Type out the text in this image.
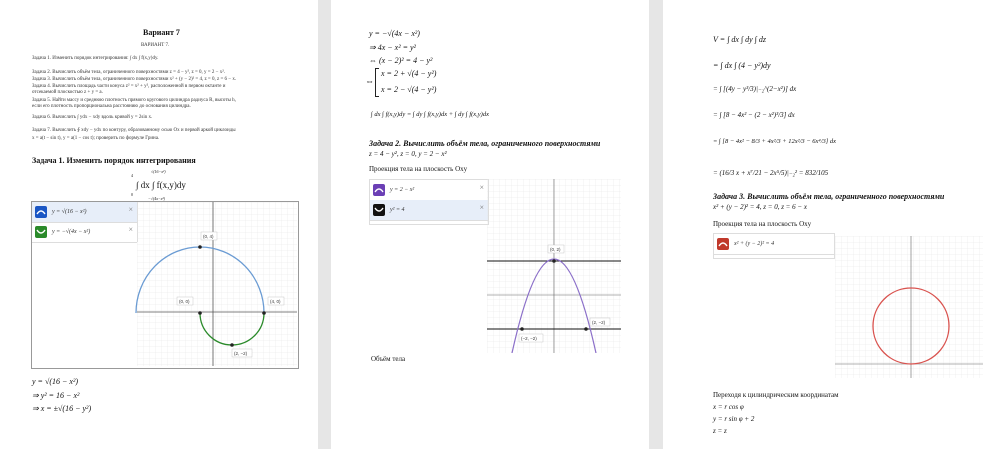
Вариант 7
ВАРИАНТ 7.
Задача 1. Изменить порядок интегрирования: ∫ dx ∫ f(x,y)dy.
Задача 2. Вычислить объём тела, ограниченного поверхностями z = 4 − y², z = 0, y = 2 − x².
Задача 3. Вычислить объём тела, ограниченного поверхностями x² + (y − 2)² = 4, z = 0, z = 6 − x.
Задача 4. Вычислить площадь части конуса z² = x² + y², расположенной в первом октанте и
отсекаемой плоскостью z + y = a.
Задача 5. Найти массу и среднюю плотность прямого кругового цилиндра радиуса R, высоты h,
если его плотность пропорциональна расстоянию до основания цилиндра.
Задача 6. Вычислить ∫ ydx − xdy вдоль кривой y = 2sin x.
Задача 7. Вычислить ∮ xdy − ydx по контуру, образованному осью Ox и первой аркой циклоиды
x = a(t − sin t), y = a(1 − cos t); проверить по формуле Грина.
Задача 1. Изменить порядок интегрирования
∫ dx ∫ f(x,y)dy
4
0
√(16−x²)
−√(4x−x²)
y = √(16 − x²)	×
y = −√(4x − x²)	×
(0, 4)
(0, 0)	(4, 0)
(2, −2)
y = √(16 − x²)
⇒ y² = 16 − x²
⇒ x = ±√(16 − y²)
y = −√(4x − x²)
⇒ 4x − x² = y²
⇔ (x − 2)² = 4 − y²
⇔
x = 2 + √(4 − y²)
x = 2 − √(4 − y²)
∫ dx ∫ f(x,y)dy = ∫ dy ∫ f(x,y)dx + ∫ dy ∫ f(x,y)dx
Задача 2. Вычислить объём тела, ограниченного поверхностями
z = 4 − y², z = 0, y = 2 − x²
Проекция тела на плоскость Oxy
y = 2 − x²	×
y² = 4	×
(0, 2)
(2, −2)
(−2, −2)
Объём тела
V = ∫ dx ∫ dy ∫ dz
= ∫ dx ∫ (4 − y²)dy
= ∫ [(4y − y³/3)|₋₂^(2−x²)] dx
= ∫ [8 − 4x² − (2 − x²)³/3] dx
= ∫ [8 − 4x² − 8/3 + 4x²/3 + 12x²/3 − 6x⁴/3] dx
= (16/3 x + x⁷/21 − 2x⁵/5)|₋₂² = 832/105
Задача 3. Вычислить объём тела, ограниченного поверхностями
x² + (y − 2)² = 4, z = 0, z = 6 − x
Проекция тела на плоскость Oxy
x² + (y − 2)² = 4
Переходя к цилиндрическим координатам
x = r cos φ
y = r sin φ + 2
z = z
